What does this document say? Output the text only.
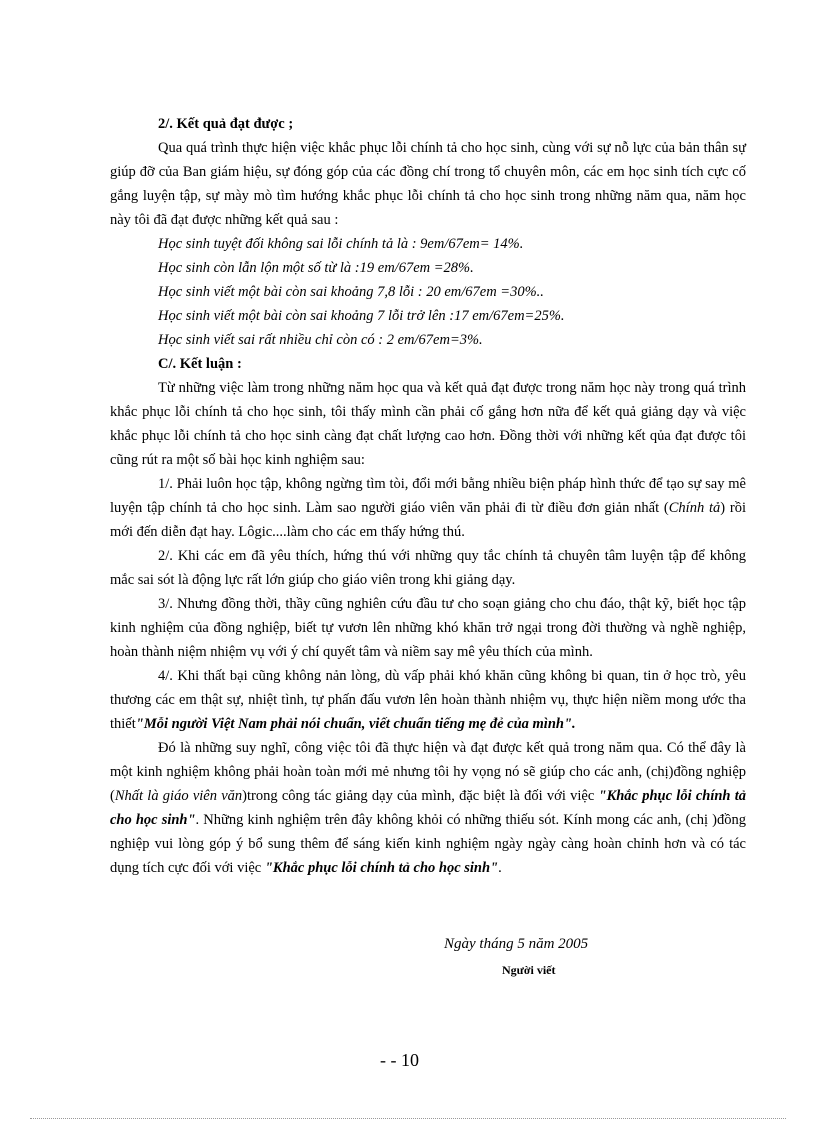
2/. Kết quả đạt được ;

Qua quá trình thực hiện việc khắc phục lỗi chính tả cho học sinh, cùng với sự nỗ lực của bản thân sự giúp đỡ của Ban giám hiệu, sự đóng góp của các đồng chí trong tổ chuyên môn, các em học sinh tích cực cố gắng luyện tập, sự mày mò tìm hướng khắc phục lỗi chính tả cho học sinh trong những năm qua, năm học này tôi đã đạt được những kết quả sau :

Học sinh tuyệt đối không sai lỗi chính tả là : 9em/67em= 14%.

Học sinh còn lẫn lộn một số từ là :19 em/67em =28%.

Học sinh viết một bài còn sai khoảng 7,8 lỗi : 20 em/67em =30%..

Học sinh viết một bài còn sai khoảng 7 lỗi trở lên :17 em/67em=25%.

Học sinh viết sai rất nhiều chỉ còn có : 2 em/67em=3%.

C/. Kết luận :

Từ những việc làm trong những năm học qua và kết quả đạt được trong năm học này trong quá trình khắc phục lỗi chính tả cho học sinh, tôi thấy mình cần phải cố gắng hơn nữa để kết quả giảng dạy và việc khắc phục lỗi chính tả cho học sinh càng đạt chất lượng cao hơn. Đồng thời với những kết qủa đạt được tôi cũng rút ra một số bài học kinh nghiệm sau:

1/. Phải luôn học tập, không ngừng tìm tòi, đổi mới bằng nhiều biện pháp hình thức để tạo sự say mê luyện tập chính tả cho học sinh. Làm sao người giáo viên văn phải đi từ điều đơn giản nhất (Chính tả) rồi mới đến diễn đạt hay. Lôgic....làm cho các em thấy hứng thú.

2/. Khi các em đã yêu thích, hứng thú với những quy tắc chính tả chuyên tâm luyện tập để không mắc sai sót là động lực rất lớn giúp cho giáo viên trong khi giảng dạy.

3/. Nhưng đồng thời, thầy cũng nghiên cứu đầu tư cho soạn giảng cho chu đáo, thật kỹ, biết học tập kinh nghiệm của đồng nghiệp, biết tự vươn lên những khó khăn trở ngại trong đời thường và nghề nghiệp, hoàn thành niệm nhiệm vụ với ý chí quyết tâm và niềm say mê yêu thích của mình.

4/. Khi thất bại cũng không nản lòng, dù vấp phải khó khăn cũng không bi quan, tin ở học trò, yêu thương các em thật sự, nhiệt tình, tự phấn đấu vươn lên hoàn thành nhiệm vụ, thực hiện niềm mong ước tha thiết"Mỗi người Việt Nam phải nói chuẩn, viết chuẩn tiếng mẹ đẻ của mình".

Đó là những suy nghĩ, công việc tôi đã thực hiện và đạt được kết quả trong năm qua. Có thể đây là một kinh nghiệm không phải hoàn toàn mới mẻ nhưng tôi hy vọng nó sẽ giúp cho các anh, (chị)đồng nghiệp (Nhất là giáo viên văn)trong công tác giảng dạy của mình, đặc biệt là đối với việc "Khắc phục lỗi chính tả cho học sinh". Những kinh nghiệm trên đây không khỏi có những thiếu sót. Kính mong các anh, (chị )đồng nghiệp vui lòng góp ý bổ sung thêm để sáng kiến kinh nghiệm ngày ngày càng hoàn chỉnh hơn và có tác dụng tích cực đối với việc "Khắc phục lỗi chính tả cho học sinh".

Ngày tháng 5 năm 2005
Người viết
- - 10
